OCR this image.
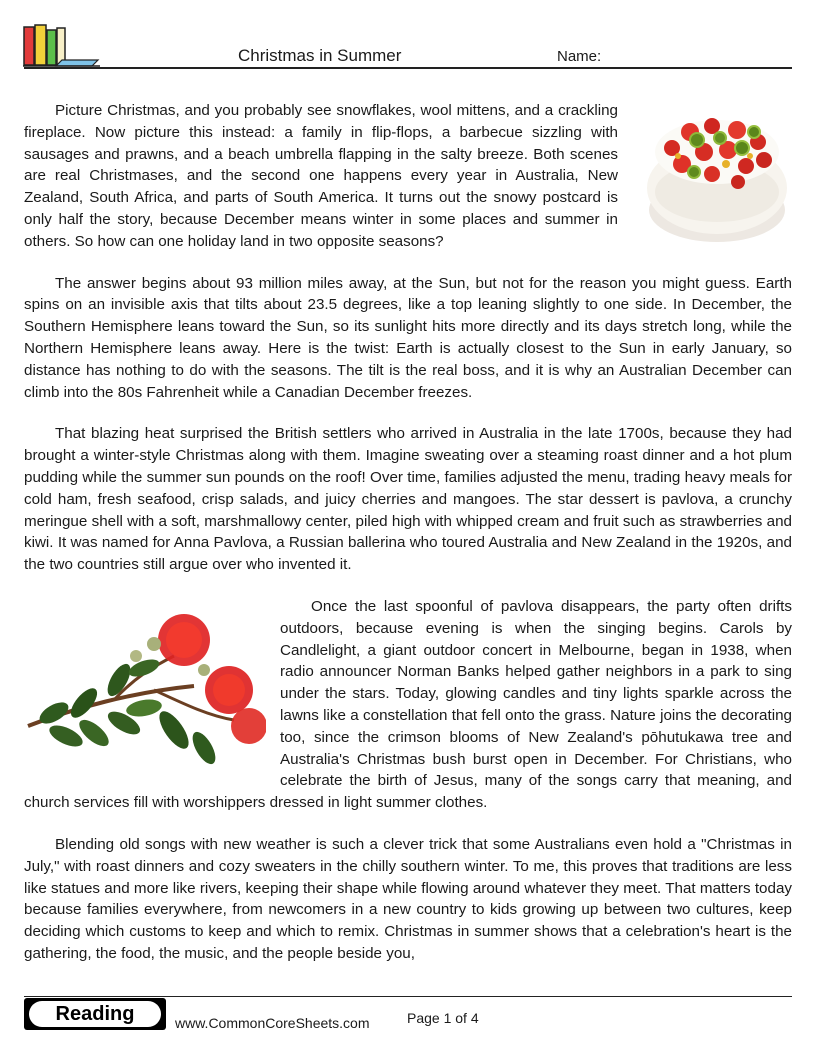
Christmas in Summer	Name:

Picture Christmas, and you probably see snowflakes, wool mittens, and a crackling fireplace. Now picture this instead: a family in flip-flops, a barbecue sizzling with sausages and prawns, and a beach umbrella flapping in the salty breeze. Both scenes are real Christmases, and the second one happens every year in Australia, New Zealand, South Africa, and parts of South America. It turns out the snowy postcard is only half the story, because December means winter in some places and summer in others. So how can one holiday land in two opposite seasons?

The answer begins about 93 million miles away, at the Sun, but not for the reason you might guess. Earth spins on an invisible axis that tilts about 23.5 degrees, like a top leaning slightly to one side. In December, the Southern Hemisphere leans toward the Sun, so its sunlight hits more directly and its days stretch long, while the Northern Hemisphere leans away. Here is the twist: Earth is actually closest to the Sun in early January, so distance has nothing to do with the seasons. The tilt is the real boss, and it is why an Australian December can climb into the 80s Fahrenheit while a Canadian December freezes.

That blazing heat surprised the British settlers who arrived in Australia in the late 1700s, because they had brought a winter-style Christmas along with them. Imagine sweating over a steaming roast dinner and a hot plum pudding while the summer sun pounds on the roof! Over time, families adjusted the menu, trading heavy meals for cold ham, fresh seafood, crisp salads, and juicy cherries and mangoes. The star dessert is pavlova, a crunchy meringue shell with a soft, marshmallowy center, piled high with whipped cream and fruit such as strawberries and kiwi. It was named for Anna Pavlova, a Russian ballerina who toured Australia and New Zealand in the 1920s, and the two countries still argue over who invented it.

Once the last spoonful of pavlova disappears, the party often drifts outdoors, because evening is when the singing begins. Carols by Candlelight, a giant outdoor concert in Melbourne, began in 1938, when radio announcer Norman Banks helped gather neighbors in a park to sing under the stars. Today, glowing candles and tiny lights sparkle across the lawns like a constellation that fell onto the grass. Nature joins the decorating too, since the crimson blooms of New Zealand's pōhutukawa tree and Australia's Christmas bush burst open in December. For Christians, who celebrate the birth of Jesus, many of the songs carry that meaning, and church services fill with worshippers dressed in light summer clothes.

Blending old songs with new weather is such a clever trick that some Australians even hold a "Christmas in July," with roast dinners and cozy sweaters in the chilly southern winter. To me, this proves that traditions are less like statues and more like rivers, keeping their shape while flowing around whatever they meet. That matters today because families everywhere, from newcomers in a new country to kids growing up between two cultures, keep deciding which customs to keep and which to remix. Christmas in summer shows that a celebration's heart is the gathering, the food, the music, and the people beside you,

Reading	www.CommonCoreSheets.com	Page 1 of 4
